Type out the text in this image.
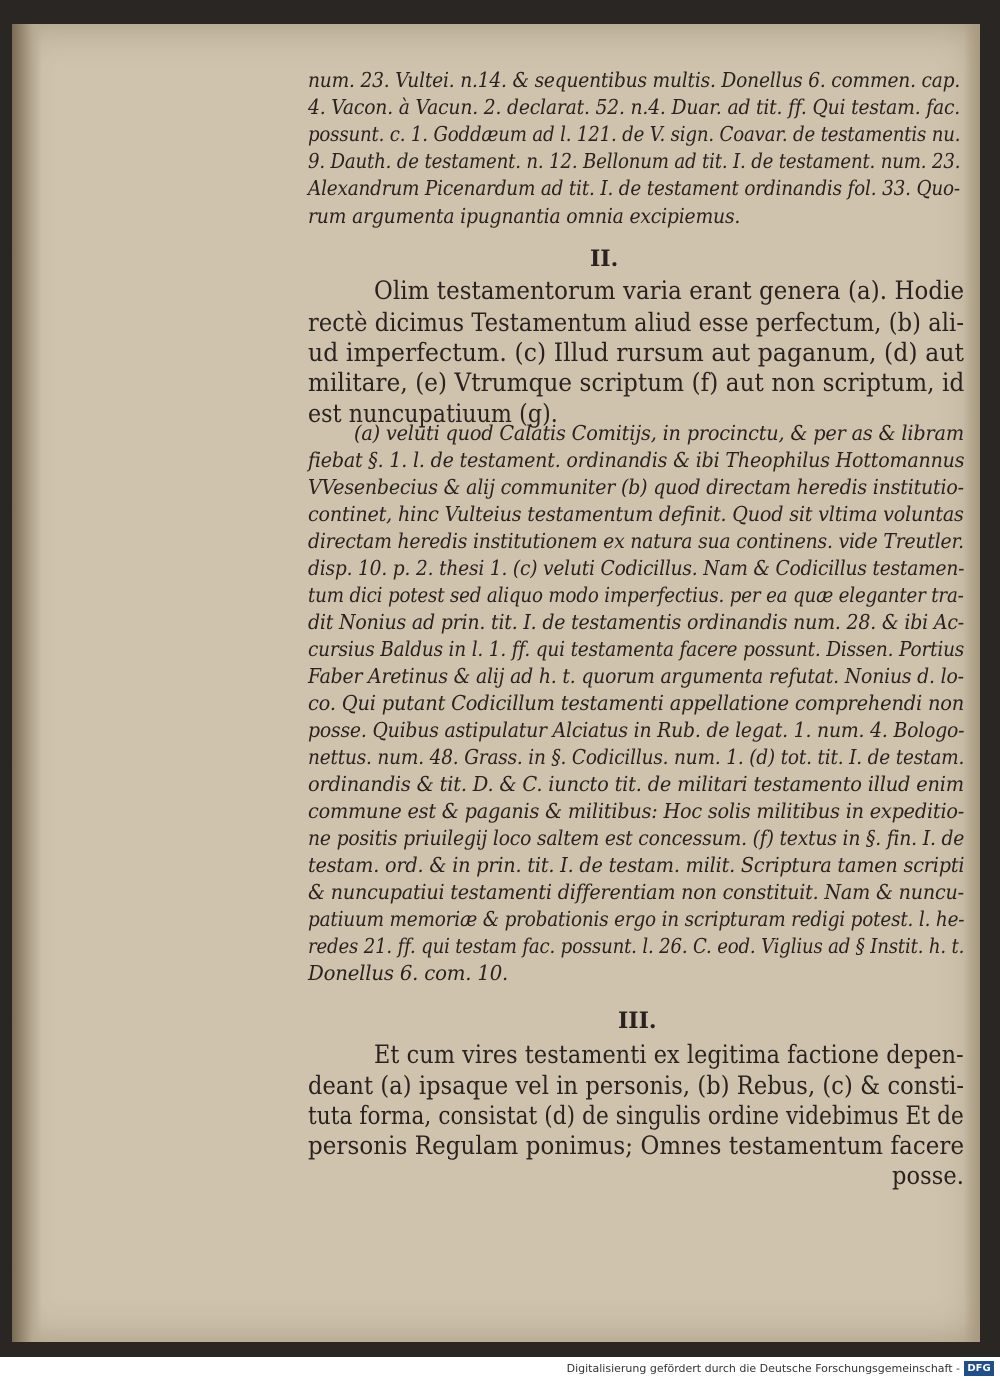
num. 23. Vultei. n.14. & sequentibus multis. Donellus 6. commen. cap.
4. Vacon. à Vacun. 2. declarat. 52. n.4. Duar. ad tit. ff. Qui testam. fac.
possunt. c. 1. Goddæum ad l. 121. de V. sign. Coavar. de testamentis nu.
9. Dauth. de testament. n. 12. Bellonum ad tit. I. de testament. num. 23.
Alexandrum Picenardum ad tit. I. de testament ordinandis fol. 33. Quo-
rum argumenta ipugnantia omnia excipiemus.
II.
Olim testamentorum varia erant genera (a). Hodie
rectè dicimus Testamentum aliud esse perfectum, (b) ali-
ud imperfectum. (c) Illud rursum aut paganum, (d) aut
militare, (e) Vtrumque scriptum (f) aut non scriptum, id
est nuncupatiuum (g).
(a) veluti quod Calatis Comitijs, in procinctu, & per as & libram
fiebat §. 1. l. de testament. ordinandis & ibi Theophilus Hottomannus
VVesenbecius & alij communiter (b) quod directam heredis institutio-
continet, hinc Vulteius testamentum definit. Quod sit vltima voluntas
directam heredis institutionem ex natura sua continens. vide Treutler.
disp. 10. p. 2. thesi 1. (c) veluti Codicillus. Nam & Codicillus testamen-
tum dici potest sed aliquo modo imperfectius. per ea quæ eleganter tra-
dit Nonius ad prin. tit. I. de testamentis ordinandis num. 28. & ibi Ac-
cursius Baldus in l. 1. ff. qui testamenta facere possunt. Dissen. Portius
Faber Aretinus & alij ad h. t. quorum argumenta refutat. Nonius d. lo-
co. Qui putant Codicillum testamenti appellatione comprehendi non
posse. Quibus astipulatur Alciatus in Rub. de legat. 1. num. 4. Bologo-
nettus. num. 48. Grass. in §. Codicillus. num. 1. (d) tot. tit. I. de testam.
ordinandis & tit. D. & C. iuncto tit. de militari testamento illud enim
commune est & paganis & militibus: Hoc solis militibus in expeditio-
ne positis priuilegij loco saltem est concessum. (f) textus in §. fin. I. de
testam. ord. & in prin. tit. I. de testam. milit. Scriptura tamen scripti
& nuncupatiui testamenti differentiam non constituit. Nam & nuncu-
patiuum memoriæ & probationis ergo in scripturam redigi potest. l. he-
redes 21. ff. qui testam fac. possunt. l. 26. C. eod. Viglius ad § Instit. h. t.
Donellus 6. com. 10.
III.
Et cum vires testamenti ex legitima factione depen-
deant (a) ipsaque vel in personis, (b) Rebus, (c) & consti-
tuta forma, consistat (d) de singulis ordine videbimus Et de
personis Regulam ponimus; Omnes testamentum facere
posse.
Digitalisierung gefördert durch die Deutsche Forschungsgemeinschaft - DFG
